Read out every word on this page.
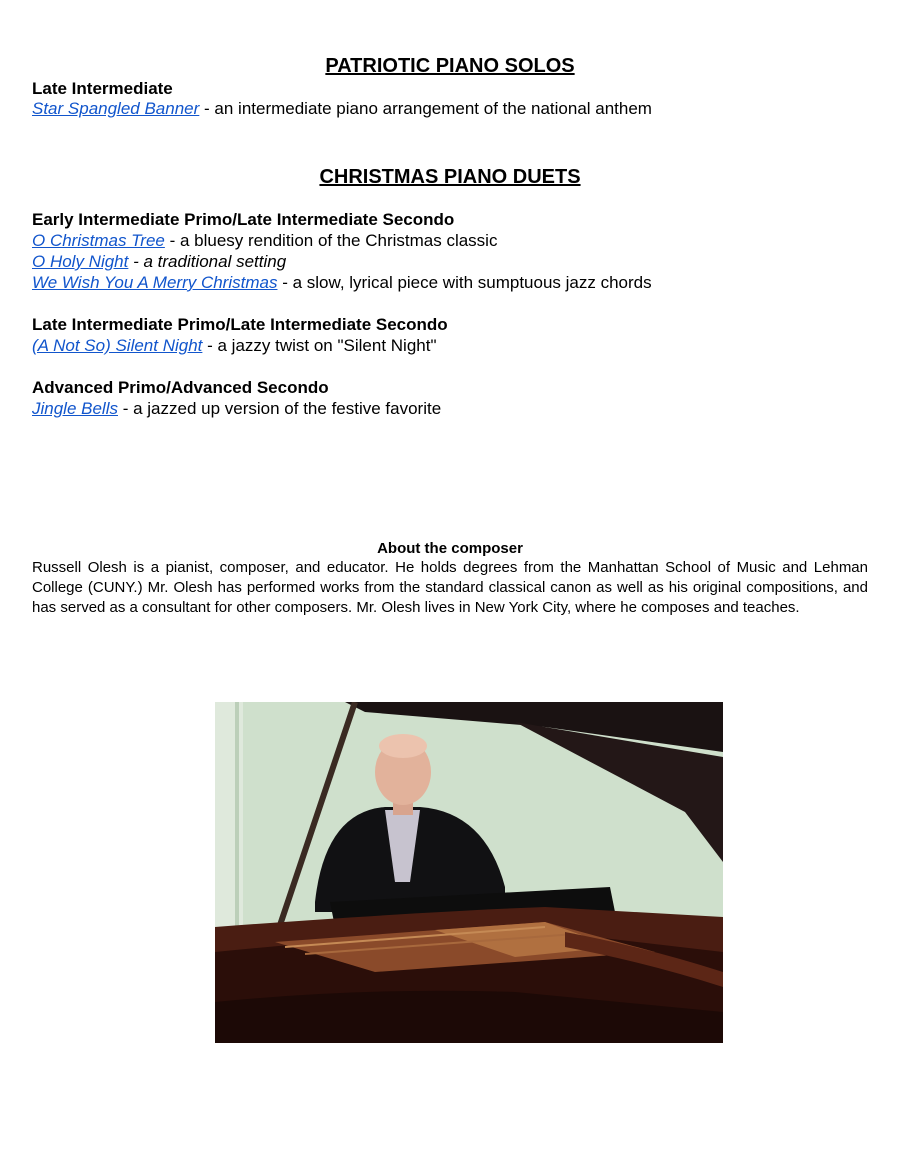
PATRIOTIC PIANO SOLOS
Late Intermediate
Star Spangled Banner - an intermediate piano arrangement of the national anthem
CHRISTMAS PIANO DUETS
Early Intermediate Primo/Late Intermediate Secondo
O Christmas Tree - a bluesy rendition of the Christmas classic
O Holy Night - a traditional setting
We Wish You A Merry Christmas - a slow, lyrical piece with sumptuous jazz chords
Late Intermediate Primo/Late Intermediate Secondo
(A Not So) Silent Night - a jazzy twist on "Silent Night"
Advanced Primo/Advanced Secondo
Jingle Bells - a jazzed up version of the festive favorite
About the composer
Russell Olesh is a pianist, composer, and educator. He holds degrees from the Manhattan School of Music and Lehman College (CUNY.) Mr. Olesh has performed works from the standard classical canon as well as his original compositions, and has served as a consultant for other composers. Mr. Olesh lives in New York City, where he composes and teaches.
